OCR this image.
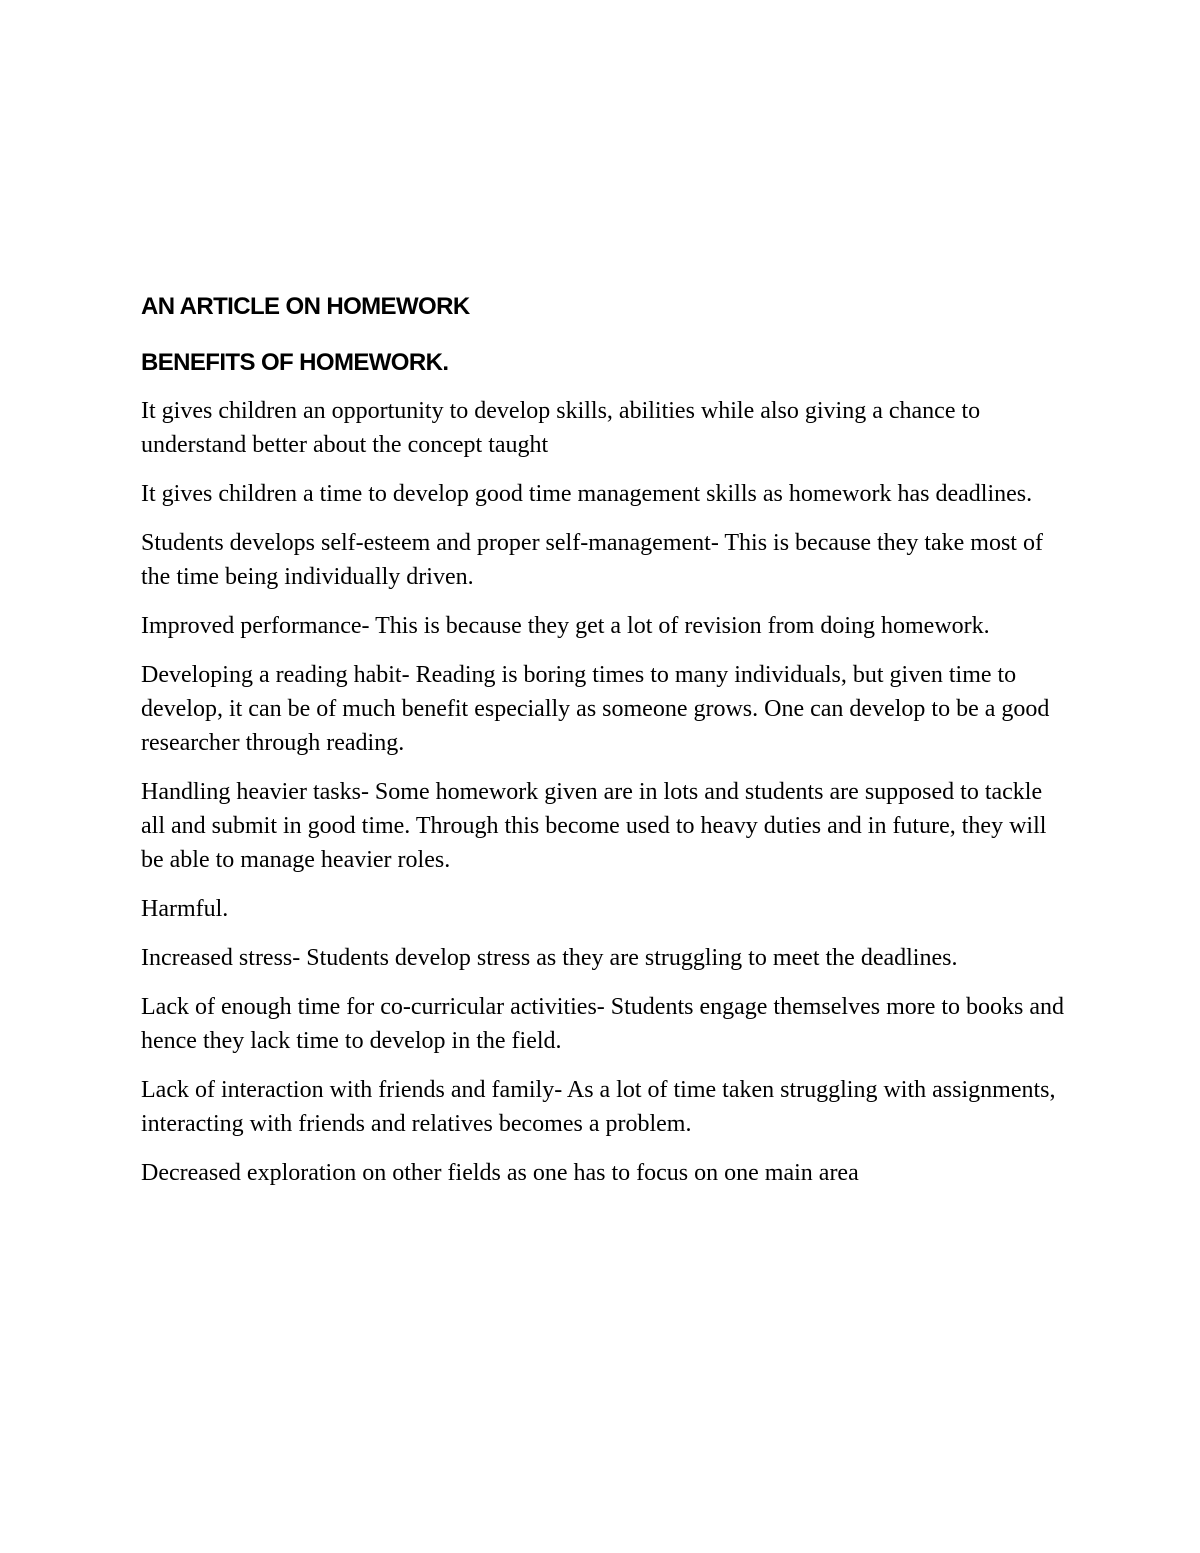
AN ARTICLE ON HOMEWORK
BENEFITS OF HOMEWORK.

It gives children an opportunity to develop skills, abilities while also giving a chance to understand better about the concept taught

It gives children a time to develop good time management skills as homework has deadlines.

Students develops self-esteem and proper self-management- This is because they take most of the time being individually driven.

Improved performance- This is because they get a lot of revision from doing homework.

Developing a reading habit- Reading is boring times to many individuals, but given time to develop, it can be of much benefit especially as someone grows. One can develop to be a good researcher through reading.

Handling heavier tasks- Some homework given are in lots and students are supposed to tackle all and submit in good time. Through this become used to heavy duties and in future, they will be able to manage heavier roles.

Harmful.

Increased stress- Students develop stress as they are struggling to meet the deadlines.

Lack of enough time for co-curricular activities- Students engage themselves more to books and hence they lack time to develop in the field.

Lack of interaction with friends and family- As a lot of time taken struggling with assignments, interacting with friends and relatives becomes a problem.

Decreased exploration on other fields as one has to focus on one main area
